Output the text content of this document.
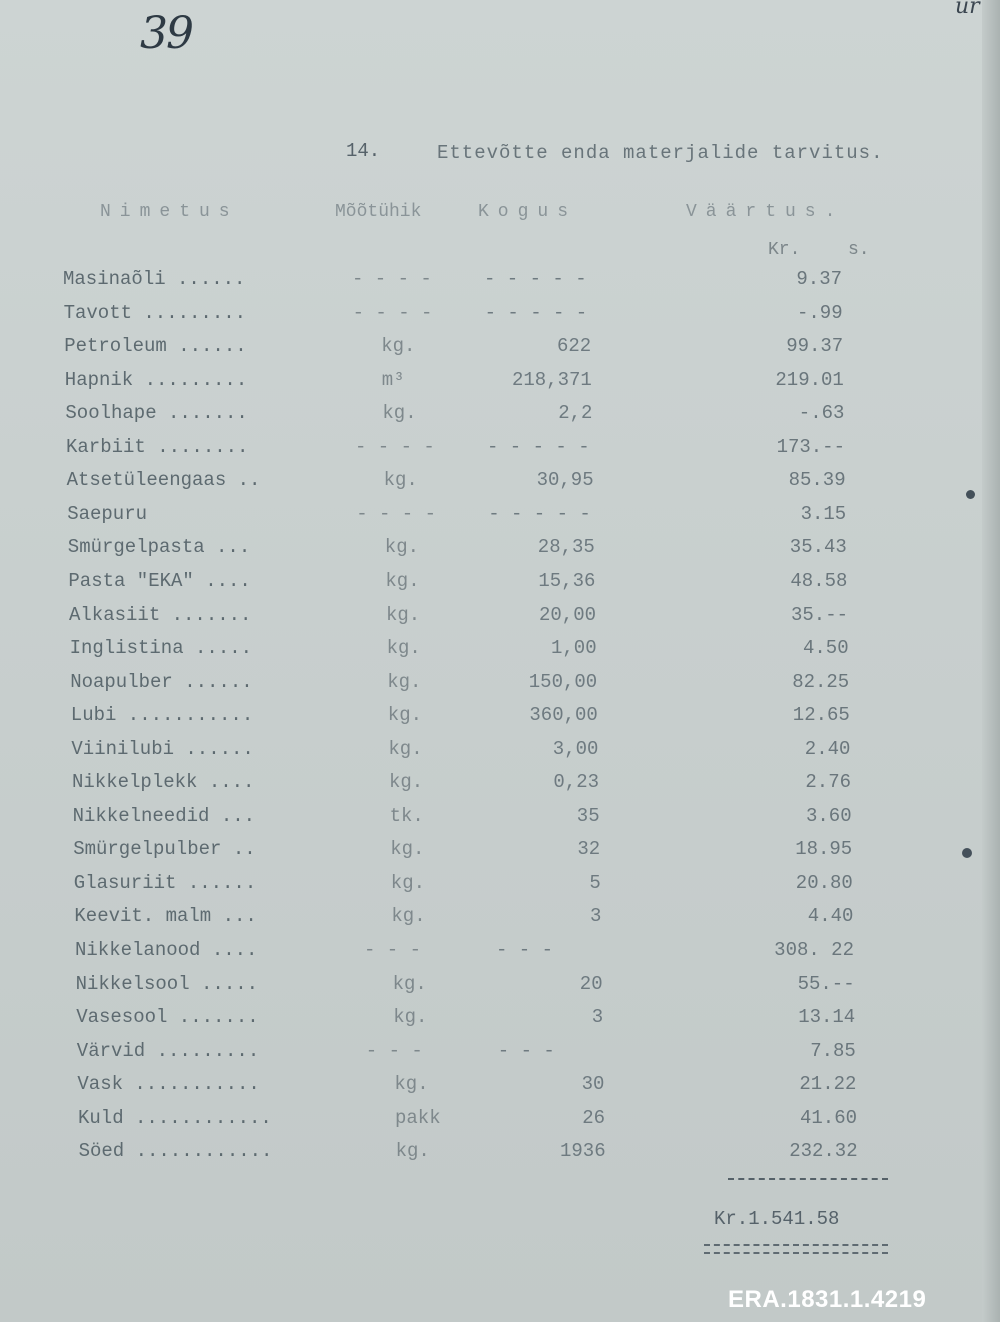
39
ur
14.	Ettevõtte enda materjalide tarvitus.
Nimetus	Mõõtühik	Kogus	Väärtus.
Kr.	s.
Masinaõli ......	- - - -	- - - - -	9.37
Tavott .........	- - - -	- - - - -	-.99
Petroleum ......	kg.	622	99.37
Hapnik .........	m³	218,371	219.01
Soolhape .......	kg.	2,2	-.63
Karbiit ........	- - - -	- - - - -	173.--
Atsetüleengaas ..	kg.	30,95	85.39
Saepuru	- - - -	- - - - -	3.15
Smürgelpasta ...	kg.	28,35	35.43
Pasta "EKA" ....	kg.	15,36	48.58
Alkasiit .......	kg.	20,00	35.--
Inglistina .....	kg.	1,00	4.50
Noapulber ......	kg.	150,00	82.25
Lubi ...........	kg.	360,00	12.65
Viinilubi ......	kg.	3,00	2.40
Nikkelplekk ....	kg.	0,23	2.76
Nikkelneedid ...	tk.	35	3.60
Smürgelpulber ..	kg.	32	18.95
Glasuriit ......	kg.	5	20.80
Keevit. malm ...	kg.	3	4.40
Nikkelanood ....	- - -	- - -	308. 22
Nikkelsool .....	kg.	20	55.--
Vasesool .......	kg.	3	13.14
Värvid .........	- - -	- - -	7.85
Vask ...........	kg.	30	21.22
Kuld ............	pakk	26	41.60
Söed ............	kg.	1936	232.32
Kr.1.541.58
ERA.1831.1.4219
